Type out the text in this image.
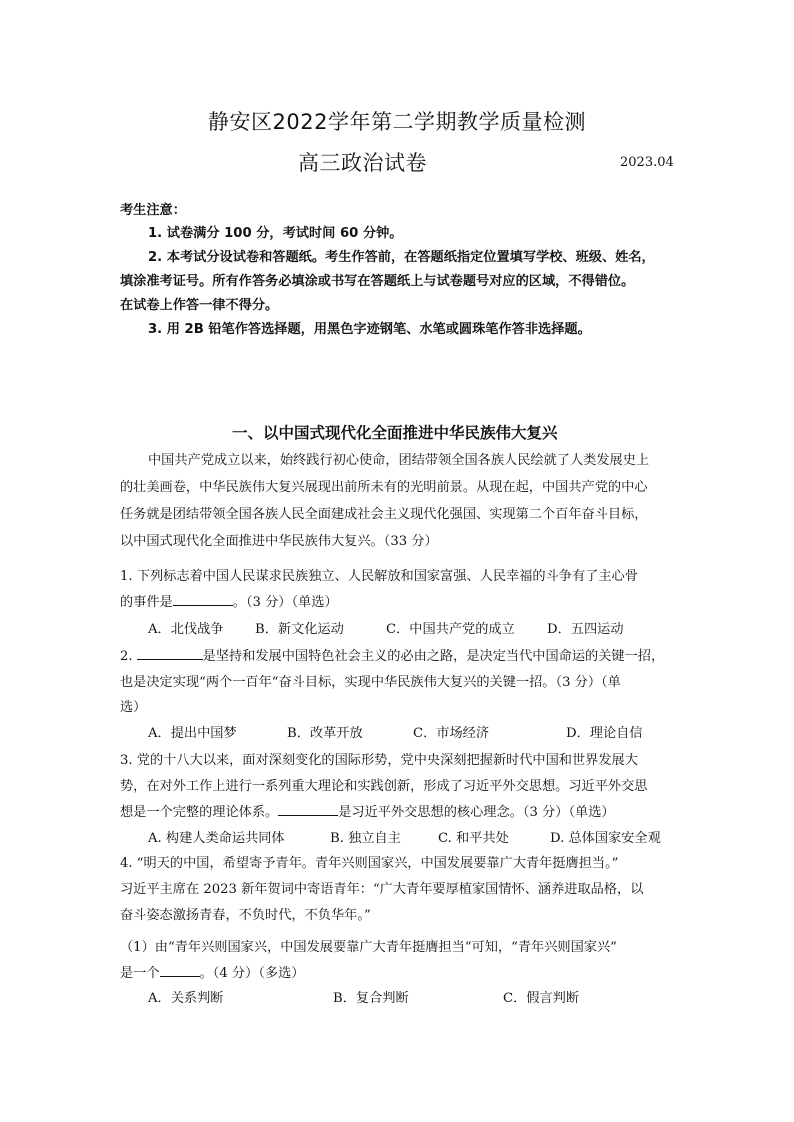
静安区2022学年第二学期教学质量检测
高三政治试卷	2023.04
考生注意：
1. 试卷满分 100 分，考试时间 60 分钟。
2. 本考试分设试卷和答题纸。考生作答前，在答题纸指定位置填写学校、班级、姓名，
填涂准考证号。所有作答务必填涂或书写在答题纸上与试卷题号对应的区域，不得错位。
在试卷上作答一律不得分。
3. 用 2B 铅笔作答选择题，用黑色字迹钢笔、水笔或圆珠笔作答非选择题。
一、以中国式现代化全面推进中华民族伟大复兴
中国共产党成立以来，始终践行初心使命，团结带领全国各族人民绘就了人类发展史上
的壮美画卷，中华民族伟大复兴展现出前所未有的光明前景。从现在起，中国共产党的中心
任务就是团结带领全国各族人民全面建成社会主义现代化强国、实现第二个百年奋斗目标，
以中国式现代化全面推进中华民族伟大复兴。（33 分）
1. 下列标志着中国人民谋求民族独立、人民解放和国家富强、人民幸福的斗争有了主心骨
的事件是	。（3 分）（单选）
A．北伐战争 B．新文化运动	C．中国共产党的成立 D．五四运动
2.	是坚持和发展中国特色社会主义的必由之路，是决定当代中国命运的关键一招，
也是决定实现“两个一百年“奋斗目标，实现中华民族伟大复兴的关键一招。（3 分）（单
选）
A．提出中国梦	B．改革开放	C．市场经济	D．理论自信
3. 党的十八大以来，面对深刻变化的国际形势，党中央深刻把握新时代中国和世界发展大
势，在对外工作上进行一系列重大理论和实践创新，形成了习近平外交思想。习近平外交思
想是一个完整的理论体系。	是习近平外交思想的核心理念。（3 分）（单选）
A. 构建人类命运共同体	B. 独立自主	C. 和平共处	D. 总体国家安全观
4. “明天的中国，希望寄予青年。青年兴则国家兴，中国发展要靠广大青年挺膺担当。”
习近平主席在 2023 新年贺词中寄语青年：“广大青年要厚植家国情怀、涵养进取品格，以
奋斗姿态激扬青春，不负时代，不负华年。”
（1）由“青年兴则国家兴，中国发展要靠广大青年挺膺担当”可知，“青年兴则国家兴”
是一个	。（4 分）（多选）
A．关系判断	B．复合判断	C．假言判断
